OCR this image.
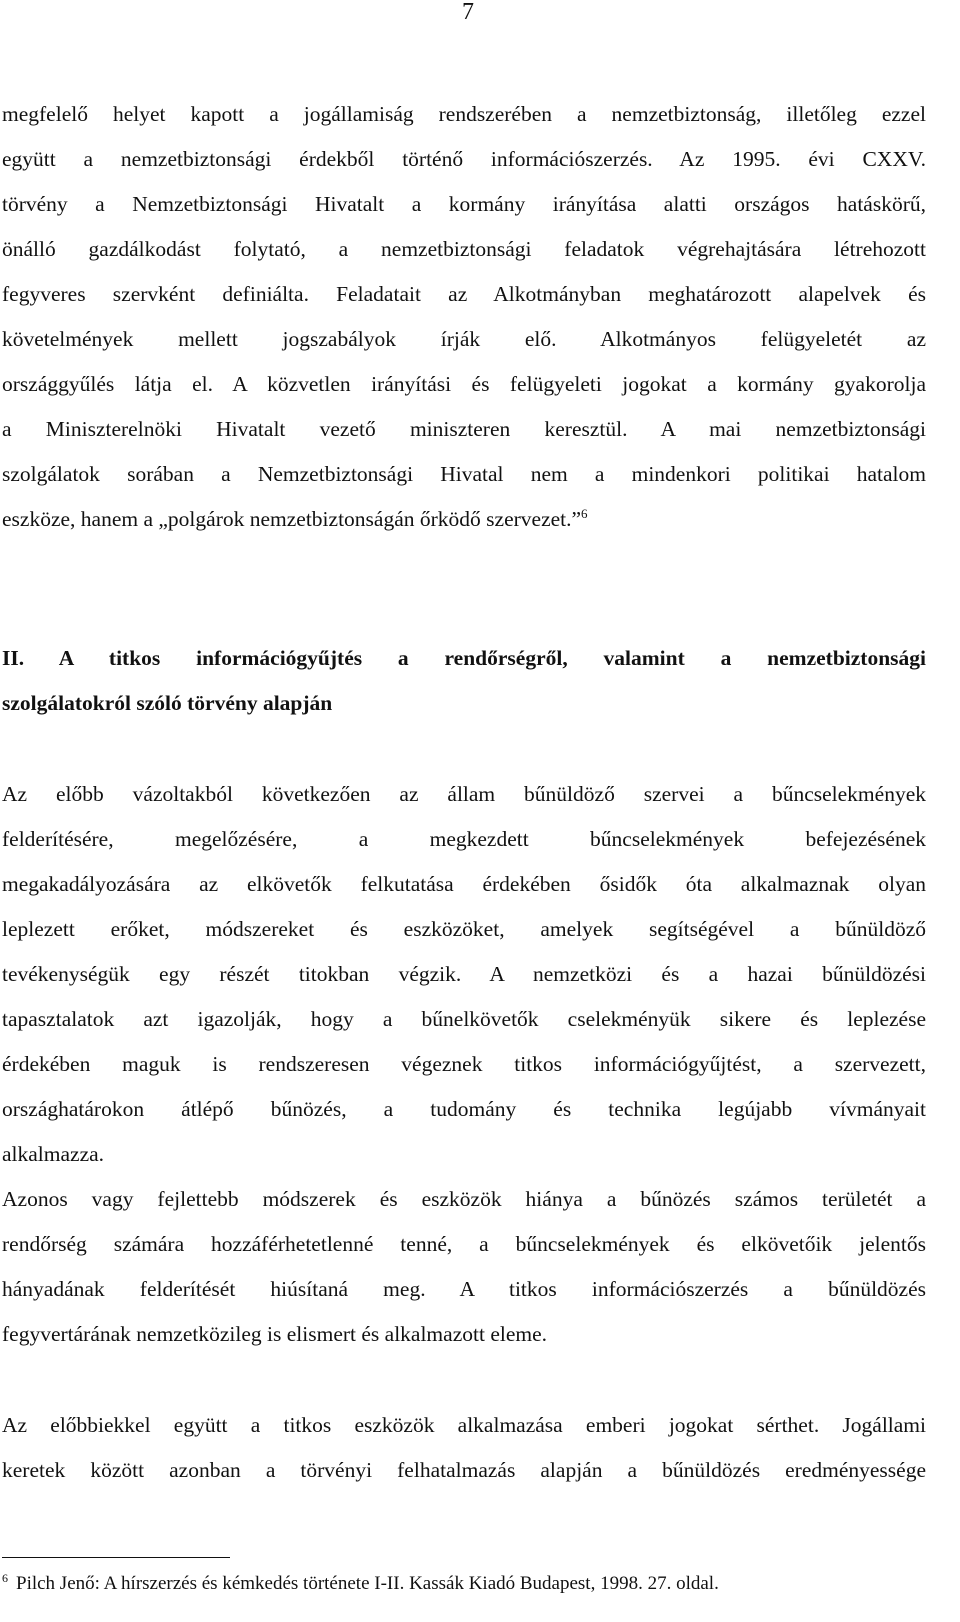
7
megfelelő helyet kapott a jogállamiság rendszerében a nemzetbiztonság, illetőleg ezzel
együtt a nemzetbiztonsági érdekből történő információszerzés. Az 1995. évi CXXV.
törvény a Nemzetbiztonsági Hivatalt a kormány irányítása alatti országos hatáskörű,
önálló gazdálkodást folytató, a nemzetbiztonsági feladatok végrehajtására létrehozott
fegyveres szervként definiálta. Feladatait az Alkotmányban meghatározott alapelvek és
követelmények mellett jogszabályok írják elő. Alkotmányos felügyeletét az
országgyűlés látja el. A közvetlen irányítási és felügyeleti jogokat a kormány gyakorolja
a Miniszterelnöki Hivatalt vezető miniszteren keresztül. A mai nemzetbiztonsági
szolgálatok sorában a Nemzetbiztonsági Hivatal nem a mindenkori politikai hatalom
eszköze, hanem a „polgárok nemzetbiztonságán őrködő szervezet.”$^6$
II. A titkos információgyűjtés a rendőrségről, valamint a nemzetbiztonsági
szolgálatokról szóló törvény alapján
Az előbb vázoltakból következően az állam bűnüldöző szervei a bűncselekmények
felderítésére, megelőzésére, a megkezdett bűncselekmények befejezésének
megakadályozására az elkövetők felkutatása érdekében ősidők óta alkalmaznak olyan
leplezett erőket, módszereket és eszközöket, amelyek segítségével a bűnüldöző
tevékenységük egy részét titokban végzik. A nemzetközi és a hazai bűnüldözési
tapasztalatok azt igazolják, hogy a bűnelkövetők cselekményük sikere és leplezése
érdekében maguk is rendszeresen végeznek titkos információgyűjtést, a szervezett,
országhatárokon átlépő bűnözés, a tudomány és technika legújabb vívmányait
alkalmazza.
Azonos vagy fejlettebb módszerek és eszközök hiánya a bűnözés számos területét a
rendőrség számára hozzáférhetetlenné tenné, a bűncselekmények és elkövetőik jelentős
hányadának felderítését hiúsítaná meg. A titkos információszerzés a bűnüldözés
fegyvertárának nemzetközileg is elismert és alkalmazott eleme.
Az előbbiekkel együtt a titkos eszközök alkalmazása emberi jogokat sérthet. Jogállami
keretek között azonban a törvényi felhatalmazás alapján a bűnüldözés eredményessége
$^6$ Pilch Jenő: A hírszerzés és kémkedés története I-II. Kassák Kiadó Budapest, 1998. 27. oldal.
